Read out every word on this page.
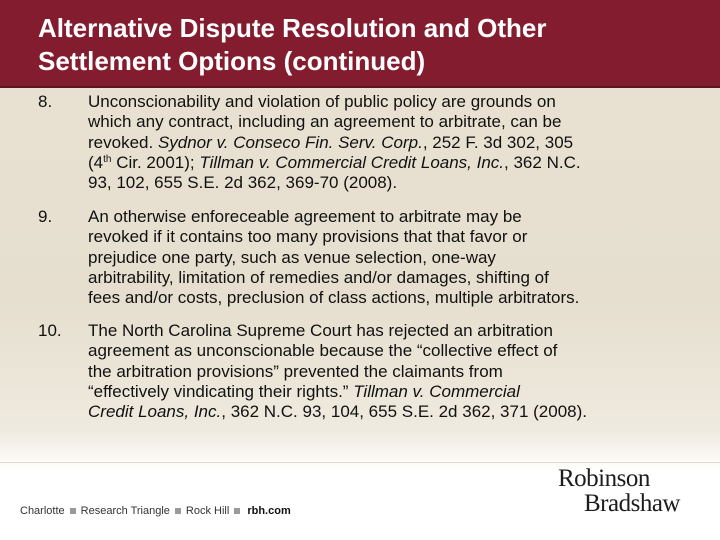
Alternative Dispute Resolution and Other
Settlement Options (continued)
8. Unconscionability and violation of public policy are grounds on
which any contract, including an agreement to arbitrate, can be
revoked. Sydnor v. Conseco Fin. Serv. Corp., 252 F. 3d 302, 305
(4th Cir. 2001); Tillman v. Commercial Credit Loans, Inc., 362 N.C.
93, 102, 655 S.E. 2d 362, 369-70 (2008).
9. An otherwise enforeceable agreement to arbitrate may be
revoked if it contains too many provisions that that favor or
prejudice one party, such as venue selection, one-way
arbitrability, limitation of remedies and/or damages, shifting of
fees and/or costs, preclusion of class actions, multiple arbitrators.
10. The North Carolina Supreme Court has rejected an arbitration
agreement as unconscionable because the “collective effect of
the arbitration provisions” prevented the claimants from
“effectively vindicating their rights.” Tillman v. Commercial
Credit Loans, Inc., 362 N.C. 93, 104, 655 S.E. 2d 362, 371 (2008).
Charlotte Research Triangle Rock Hill rbh.com
Robinson
Bradshaw
